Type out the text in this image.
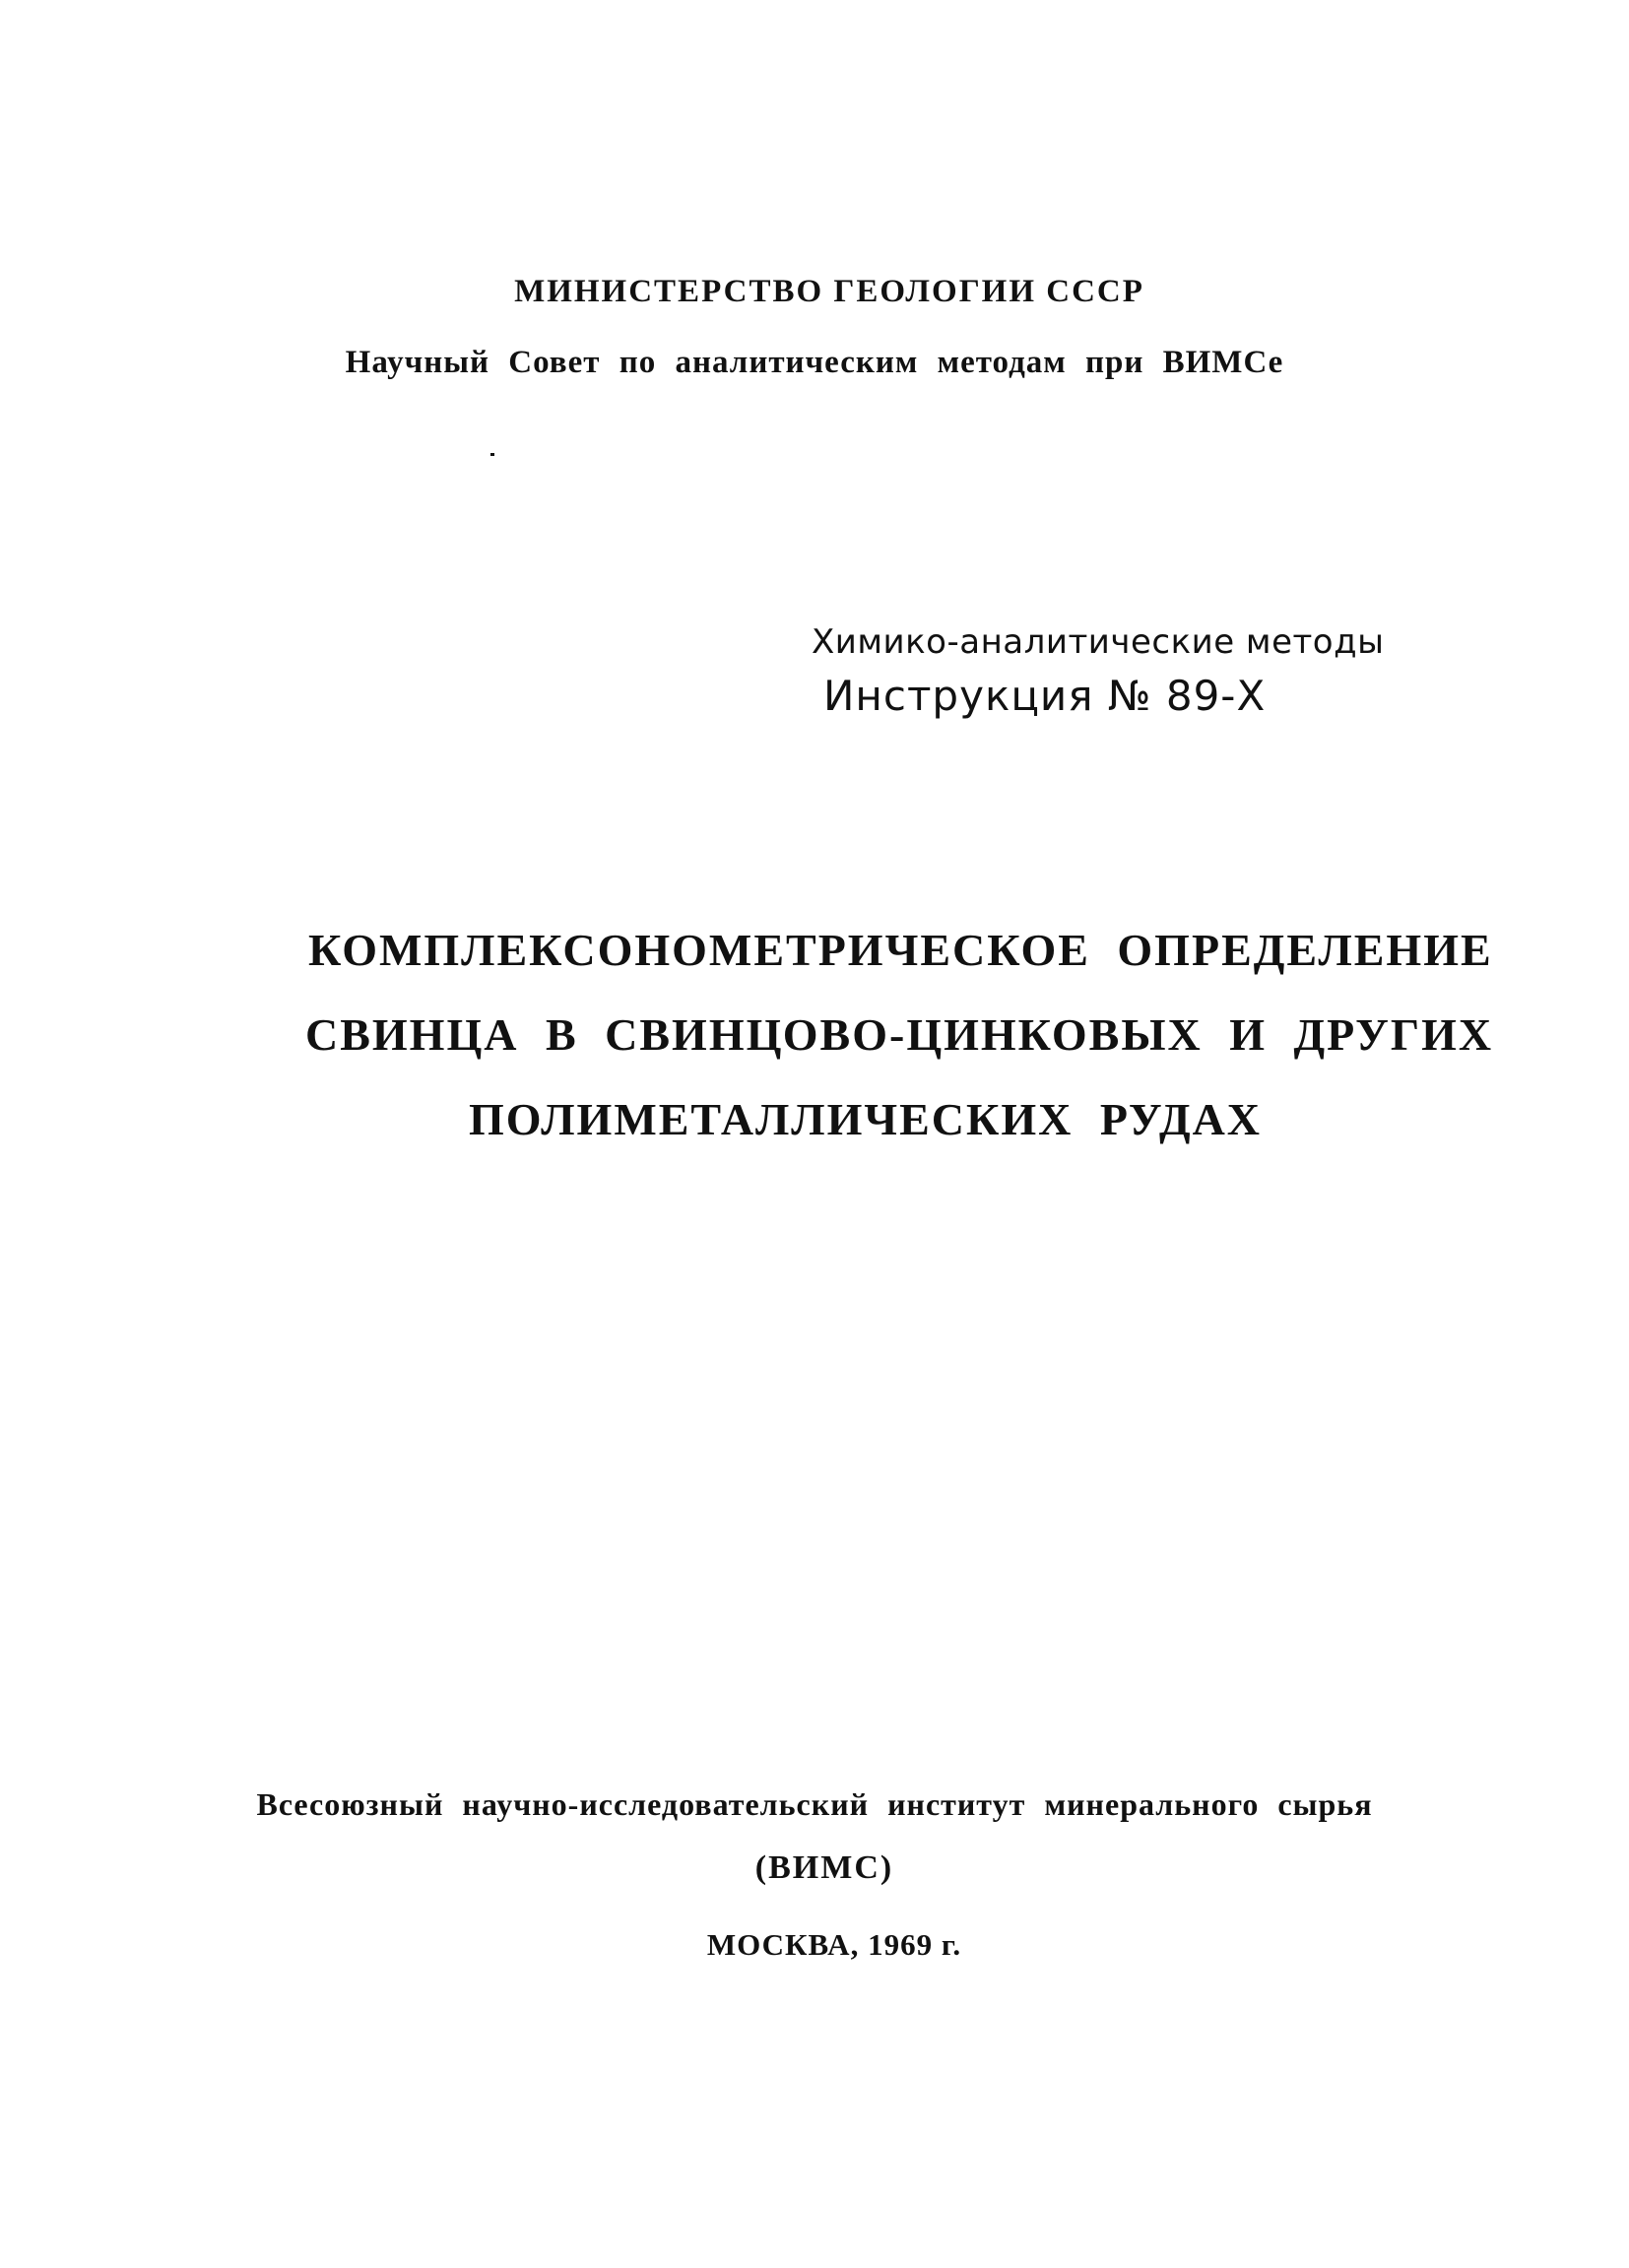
МИНИСТЕРСТВО ГЕОЛОГИИ СССР
Научный Совет по аналитическим методам при ВИМСе
Химико-аналитические методы
Инструкция № 89-Х
КОМПЛЕКСОНОМЕТРИЧЕСКОЕ ОПРЕДЕЛЕНИЕ
СВИНЦА В СВИНЦОВО-ЦИНКОВЫХ И ДРУГИХ
ПОЛИМЕТАЛЛИЧЕСКИХ РУДАХ
Всесоюзный научно-исследовательский институт минерального сырья
(ВИМС)
МОСКВА, 1969 г.
